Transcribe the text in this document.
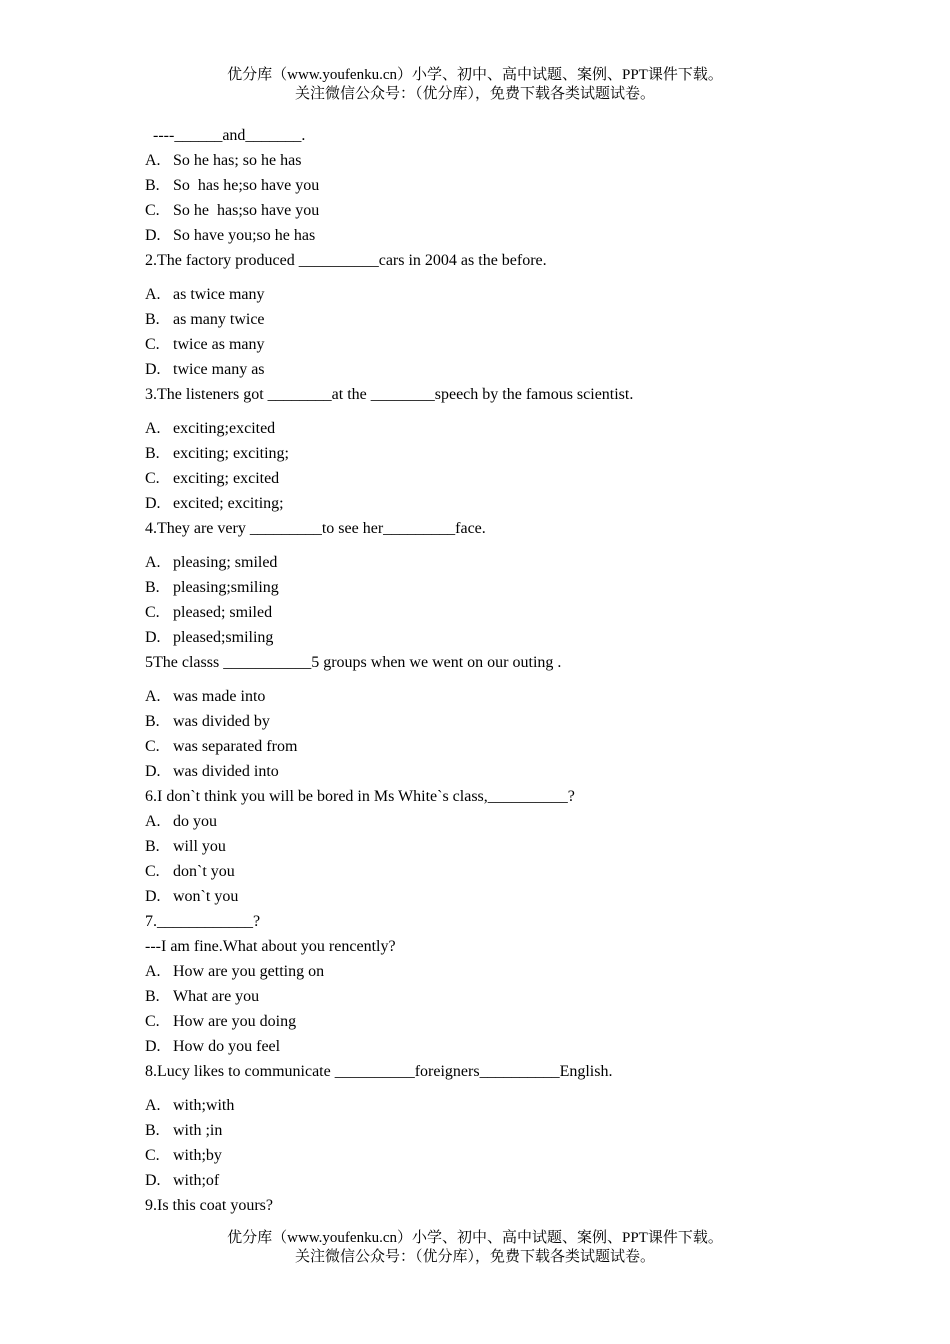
优分库（www.youfenku.cn）小学、初中、高中试题、案例、PPT课件下载。
关注微信公众号：（优分库），免费下载各类试题试卷。
----______and_______.
A. So he has; so he has
B. So  has he;so have you
C. So he  has;so have you
D. So have you;so he has
2.The factory produced __________cars in 2004 as the before.
A. as twice many
B. as many twice
C. twice as many
D. twice many as
3.The listeners got ________at the ________speech by the famous scientist.
A. exciting;excited
B. exciting; exciting;
C. exciting; excited
D. excited; exciting;
4.They are very _________to see her_________face.
A. pleasing; smiled
B. pleasing;smiling
C. pleased; smiled
D. pleased;smiling
5The classs ___________5 groups when we went on our outing .
A. was made into
B. was divided by
C. was separated from
D. was divided into
6.I don`t think you will be bored in Ms White`s class,__________?
A. do you
B. will you
C. don`t you
D. won`t you
7.____________?
---I am fine.What about you rencently?
A. How are you getting on
B. What are you
C. How are you doing
D. How do you feel
8.Lucy likes to communicate __________foreigners__________English.
A. with;with
B. with ;in
C. with;by
D. with;of
9.Is this coat yours?
优分库（www.youfenku.cn）小学、初中、高中试题、案例、PPT课件下载。
关注微信公众号：（优分库），免费下载各类试题试卷。
